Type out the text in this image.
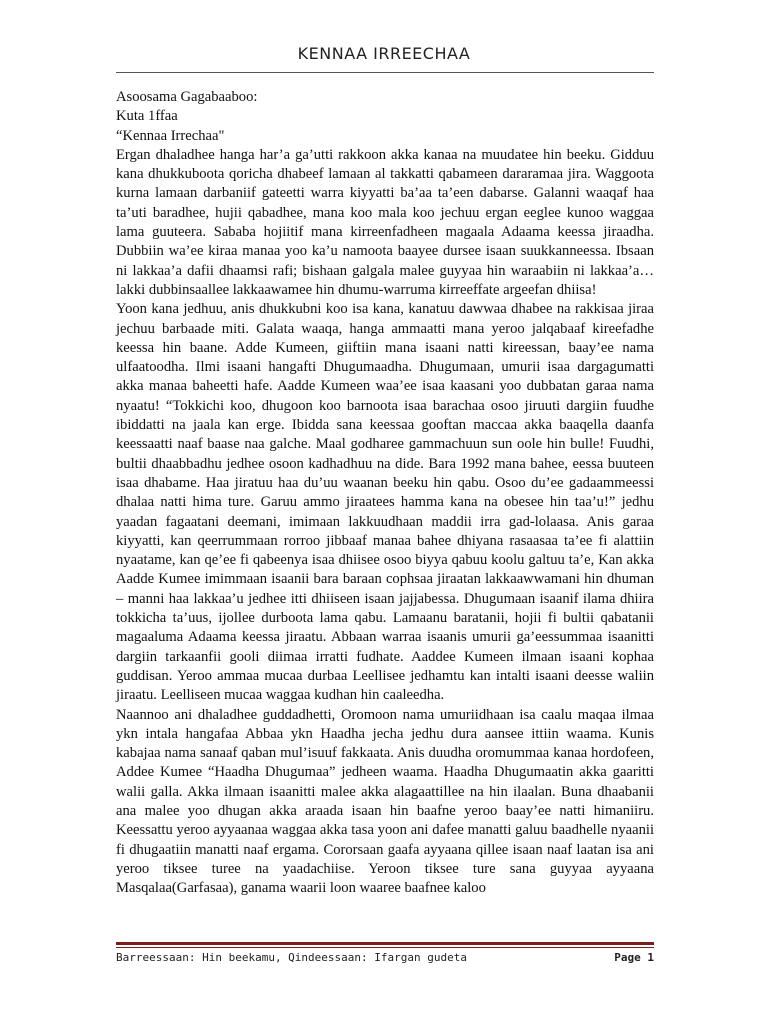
KENNAA IRREECHAA

Asoosama Gagabaaboo:

Kuta 1ffaa

“Kennaa Irrechaa"

Ergan dhaladhee hanga har’a ga’utti rakkoon akka kanaa na muudatee hin beeku. Gidduu kana dhukkuboota qoricha dhabeef lamaan al takkatti qabameen dararamaa jira. Waggoota kurna lamaan darbaniif gateetti warra kiyyatti ba’aa ta’een dabarse. Galanni waaqaf haa ta’uti baradhee, hujii qabadhee, mana koo mala koo jechuu ergan eeglee kunoo waggaa lama guuteera. Sababa hojiitif mana kirreenfadheen magaala Adaama keessa jiraadha. Dubbiin wa’ee kiraa manaa yoo ka’u namoota baayee dursee isaan suukkanneessa. Ibsaan ni lakkaa’a dafii dhaamsi rafi; bishaan galgala malee guyyaa hin waraabiin ni lakkaa’a…lakki dubbinsaallee lakkaawamee hin dhumu-warruma kirreeffate argeefan dhiisa!

Yoon kana jedhuu, anis dhukkubni koo isa kana, kanatuu dawwaa dhabee na rakkisaa jiraa jechuu barbaade miti. Galata waaqa, hanga ammaatti mana yeroo jalqabaaf kireefadhe keessa hin baane. Adde Kumeen, giiftiin mana isaani natti kireessan, baay’ee nama ulfaatoodha. Ilmi isaani hangafti Dhugumaadha. Dhugumaan, umurii isaa dargagumatti akka manaa baheetti hafe. Aadde Kumeen waa’ee isaa kaasani yoo dubbatan garaa nama nyaatu! “Tokkichi koo, dhugoon koo barnoota isaa barachaa osoo jiruuti dargiin fuudhe ibiddatti na jaala kan erge. Ibidda sana keessaa gooftan maccaa akka baaqella daanfa keessaatti naaf baase naa galche. Maal godharee gammachuun sun oole hin bulle! Fuudhi, bultii dhaabbadhu jedhee osoon kadhadhuu na dide. Bara 1992 mana bahee, eessa buuteen isaa dhabame. Haa jiratuu haa du’uu waanan beeku hin qabu. Osoo du’ee gadaammeessi dhalaa natti hima ture. Garuu ammo jiraatees hamma kana na obesee hin taa’u!” jedhu yaadan fagaatani deemani, imimaan lakkuudhaan maddii irra gad-lolaasa. Anis garaa kiyyatti, kan qeerrummaan rorroo jibbaaf manaa bahee dhiyana rasaasaa ta’ee fi alattiin nyaatame, kan qe’ee fi qabeenya isaa dhiisee osoo biyya qabuu koolu galtuu ta’e, Kan akka Aadde Kumee imimmaan isaanii bara baraan cophsaa jiraatan lakkaawwamani hin dhuman – manni haa lakkaa’u jedhee itti dhiiseen isaan jajjabessa. Dhugumaan isaanif ilama dhiira tokkicha ta’uus, ijollee durboota lama qabu. Lamaanu baratanii, hojii fi bultii qabatanii magaaluma Adaama keessa jiraatu. Abbaan warraa isaanis umurii ga’eessummaa isaanitti dargiin tarkaanfii gooli diimaa irratti fudhate. Aaddee Kumeen ilmaan isaani kophaa guddisan. Yeroo ammaa mucaa durbaa Leellisee jedhamtu kan intalti isaani deesse waliin jiraatu. Leelliseen mucaa waggaa kudhan hin caaleedha.

Naannoo ani dhaladhee guddadhetti, Oromoon nama umuriidhaan isa caalu maqaa ilmaa ykn intala hangafaa Abbaa ykn Haadha jecha jedhu dura aansee ittiin waama. Kunis kabajaa nama sanaaf qaban mul’isuuf fakkaata. Anis duudha oromummaa kanaa hordofeen, Addee Kumee “Haadha Dhugumaa” jedheen waama. Haadha Dhugumaatin akka gaaritti walii galla. Akka ilmaan isaanitti malee akka alagaattillee na hin ilaalan. Buna dhaabanii ana malee yoo dhugan akka araada isaan hin baafne yeroo baay’ee natti himaniiru. Keessattu yeroo ayyaanaa waggaa akka tasa yoon ani dafee manatti galuu baadhelle nyaanii fi dhugaatiin manatti naaf ergama. Cororsaan gaafa ayyaana qillee isaan naaf laatan isa ani yeroo tiksee turee na yaadachiise. Yeroon tiksee ture sana guyyaa ayyaana Masqalaa(Garfasaa), ganama waarii loon waaree baafnee kaloo

Barreessaan: Hin beekamu, Qindeessaan: Ifargan gudeta	Page 1
